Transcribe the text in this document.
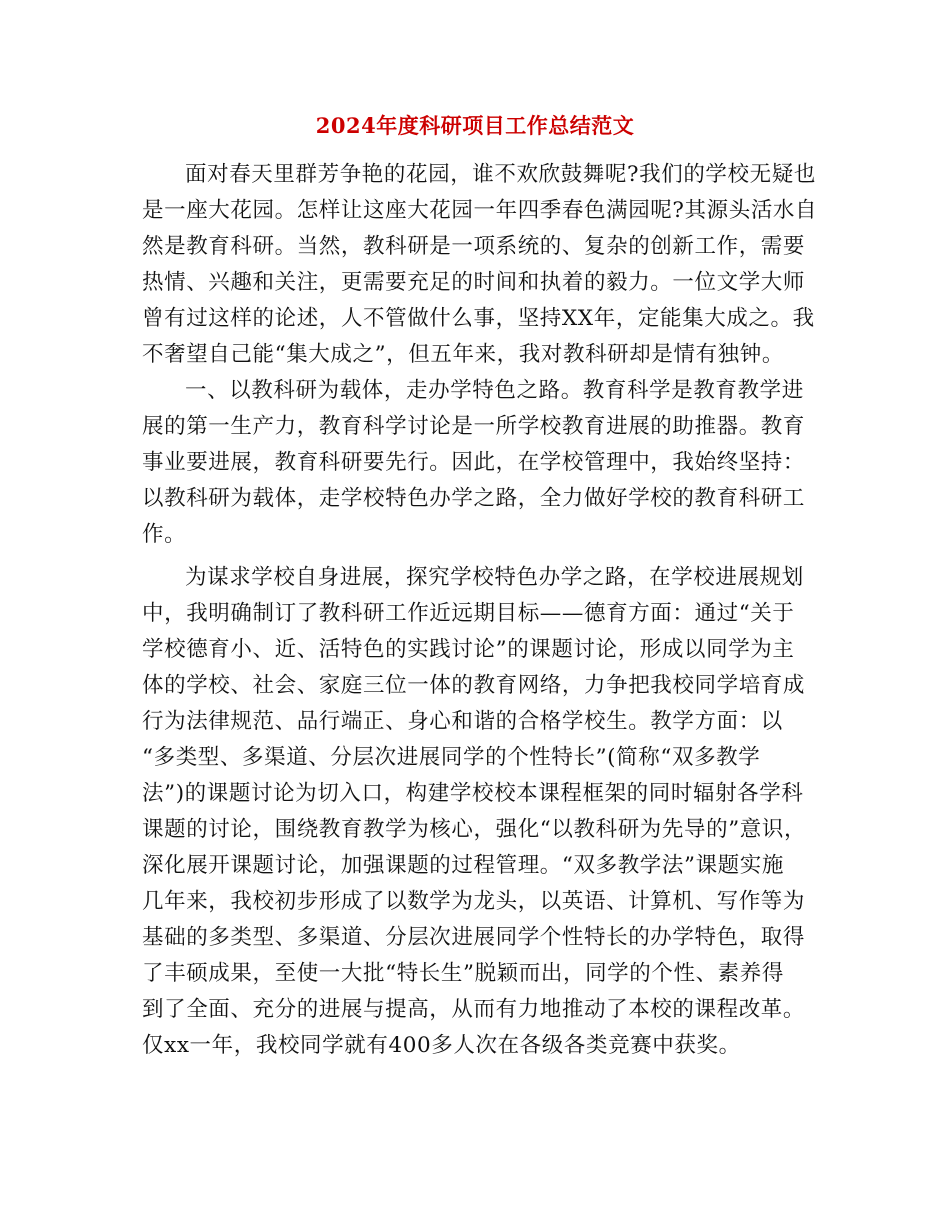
2024年度科研项目工作总结范文
面对春天里群芳争艳的花园，谁不欢欣鼓舞呢?我们的学校无疑也
是一座大花园。怎样让这座大花园一年四季春色满园呢?其源头活水自
然是教育科研。当然，教科研是一项系统的、复杂的创新工作，需要
热情、兴趣和关注，更需要充足的时间和执着的毅力。一位文学大师
曾有过这样的论述，人不管做什么事，坚持XX年，定能集大成之。我
不奢望自己能“集大成之”，但五年来，我对教科研却是情有独钟。
一、以教科研为载体，走办学特色之路。教育科学是教育教学进
展的第一生产力，教育科学讨论是一所学校教育进展的助推器。教育
事业要进展，教育科研要先行。因此，在学校管理中，我始终坚持：
以教科研为载体，走学校特色办学之路，全力做好学校的教育科研工
作。
为谋求学校自身进展，探究学校特色办学之路，在学校进展规划
中，我明确制订了教科研工作近远期目标——德育方面：通过“关于
学校德育小、近、活特色的实践讨论”的课题讨论，形成以同学为主
体的学校、社会、家庭三位一体的教育网络，力争把我校同学培育成
行为法律规范、品行端正、身心和谐的合格学校生。教学方面：以
“多类型、多渠道、分层次进展同学的个性特长”(简称“双多教学
法”)的课题讨论为切入口，构建学校校本课程框架的同时辐射各学科
课题的讨论，围绕教育教学为核心，强化“以教科研为先导的”意识，
深化展开课题讨论，加强课题的过程管理。“双多教学法”课题实施
几年来，我校初步形成了以数学为龙头，以英语、计算机、写作等为
基础的多类型、多渠道、分层次进展同学个性特长的办学特色，取得
了丰硕成果，至使一大批“特长生”脱颖而出，同学的个性、素养得
到了全面、充分的进展与提高，从而有力地推动了本校的课程改革。
仅xx一年，我校同学就有400多人次在各级各类竞赛中获奖。
